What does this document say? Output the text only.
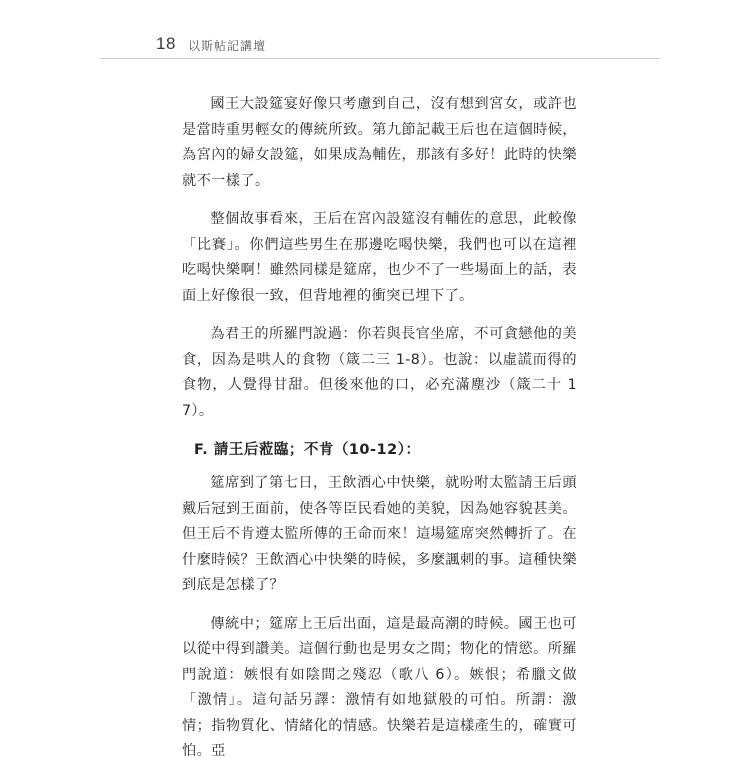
18 以斯帖記講壇

國王大設筵宴好像只考慮到自己，沒有想到宮女，或許也是當時重男輕女的傳統所致。第九節記載王后也在這個時候，為宮內的婦女設筵，如果成為輔佐，那該有多好！此時的快樂就不一樣了。

整個故事看來，王后在宮內設筵沒有輔佐的意思，此較像「比賽」。你們這些男生在那邊吃喝快樂，我們也可以在這裡吃喝快樂啊！雖然同樣是筵席，也少不了一些場面上的話，表面上好像很一致，但背地裡的衝突已埋下了。

為君王的所羅門說過：你若與長官坐席，不可貪戀他的美食，因為是哄人的食物（箴二三 1-8）。也說：以虛謊而得的食物，人覺得甘甜。但後來他的口，必充滿塵沙（箴二十 17）。

F. 請王后蒞臨；不肯（10-12）：

筵席到了第七日，王飲酒心中快樂，就吩咐太監請王后頭戴后冠到王面前，使各等臣民看她的美貌，因為她容貌甚美。但王后不肯遵太監所傳的王命而來！這場筵席突然轉折了。在什麼時候？王飲酒心中快樂的時候，多麼諷刺的事。這種快樂到底是怎樣了？

傳統中；筵席上王后出面，這是最高潮的時候。國王也可以從中得到讚美。這個行動也是男女之間；物化的情慾。所羅門說道：嫉恨有如陰間之殘忍（歌八 6）。嫉恨；希臘文做「激情」。這句話另譯：激情有如地獄般的可怕。所謂：激情；指物質化、情緒化的情感。快樂若是這樣產生的，確實可怕。亞
